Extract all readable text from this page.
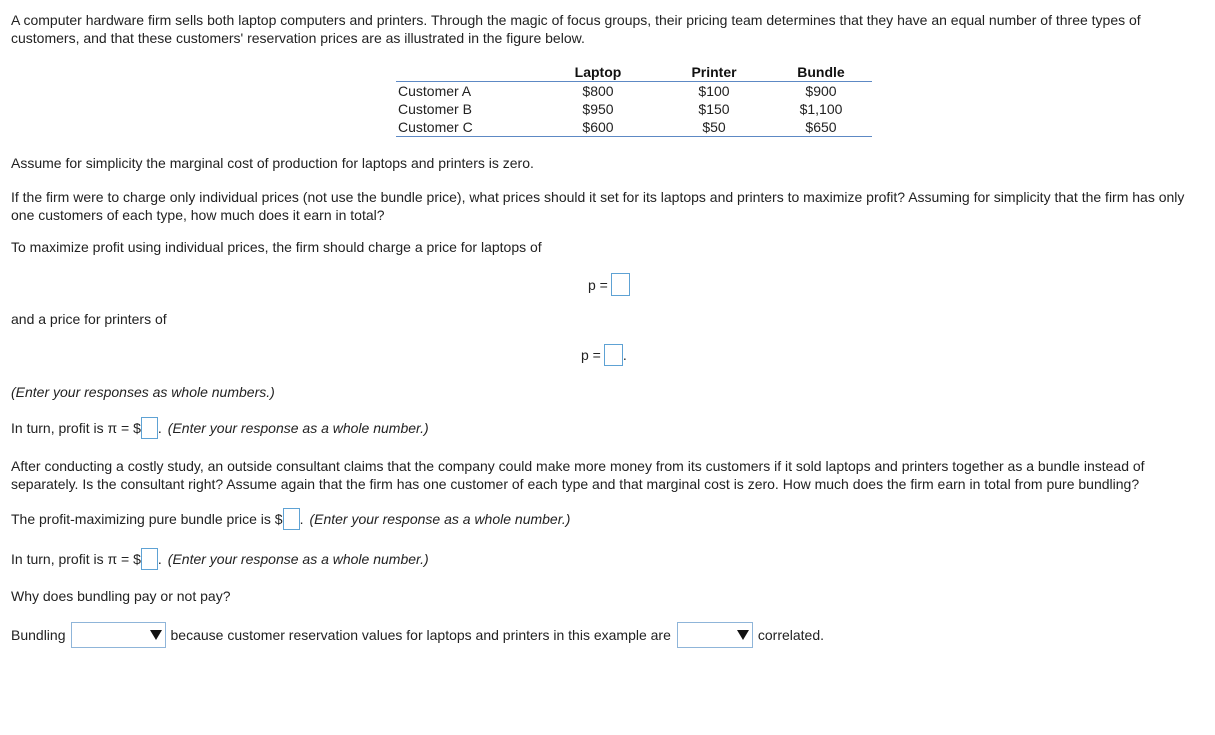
A computer hardware firm sells both laptop computers and printers. Through the magic of focus groups, their pricing team determines that they have an equal number of three types of customers, and that these customers' reservation prices are as illustrated in the figure below.
	Laptop	Printer	Bundle
Customer A	$800	$100	$900
Customer B	$950	$150	$1,100
Customer C	$600	$50	$650
Assume for simplicity the marginal cost of production for laptops and printers is zero.
If the firm were to charge only individual prices (not use the bundle price), what prices should it set for its laptops and printers to maximize profit? Assuming for simplicity that the firm has only one customers of each type, how much does it earn in total?
To maximize profit using individual prices, the firm should charge a price for laptops of
p =
and a price for printers of
p = .
(Enter your responses as whole numbers.)
In turn, profit is π = $ . (Enter your response as a whole number.)
After conducting a costly study, an outside consultant claims that the company could make more money from its customers if it sold laptops and printers together as a bundle instead of separately. Is the consultant right? Assume again that the firm has one customer of each type and that marginal cost is zero. How much does the firm earn in total from pure bundling?
The profit-maximizing pure bundle price is $ . (Enter your response as a whole number.)
In turn, profit is π = $ . (Enter your response as a whole number.)
Why does bundling pay or not pay?
Bundling	because customer reservation values for laptops and printers in this example are	correlated.
